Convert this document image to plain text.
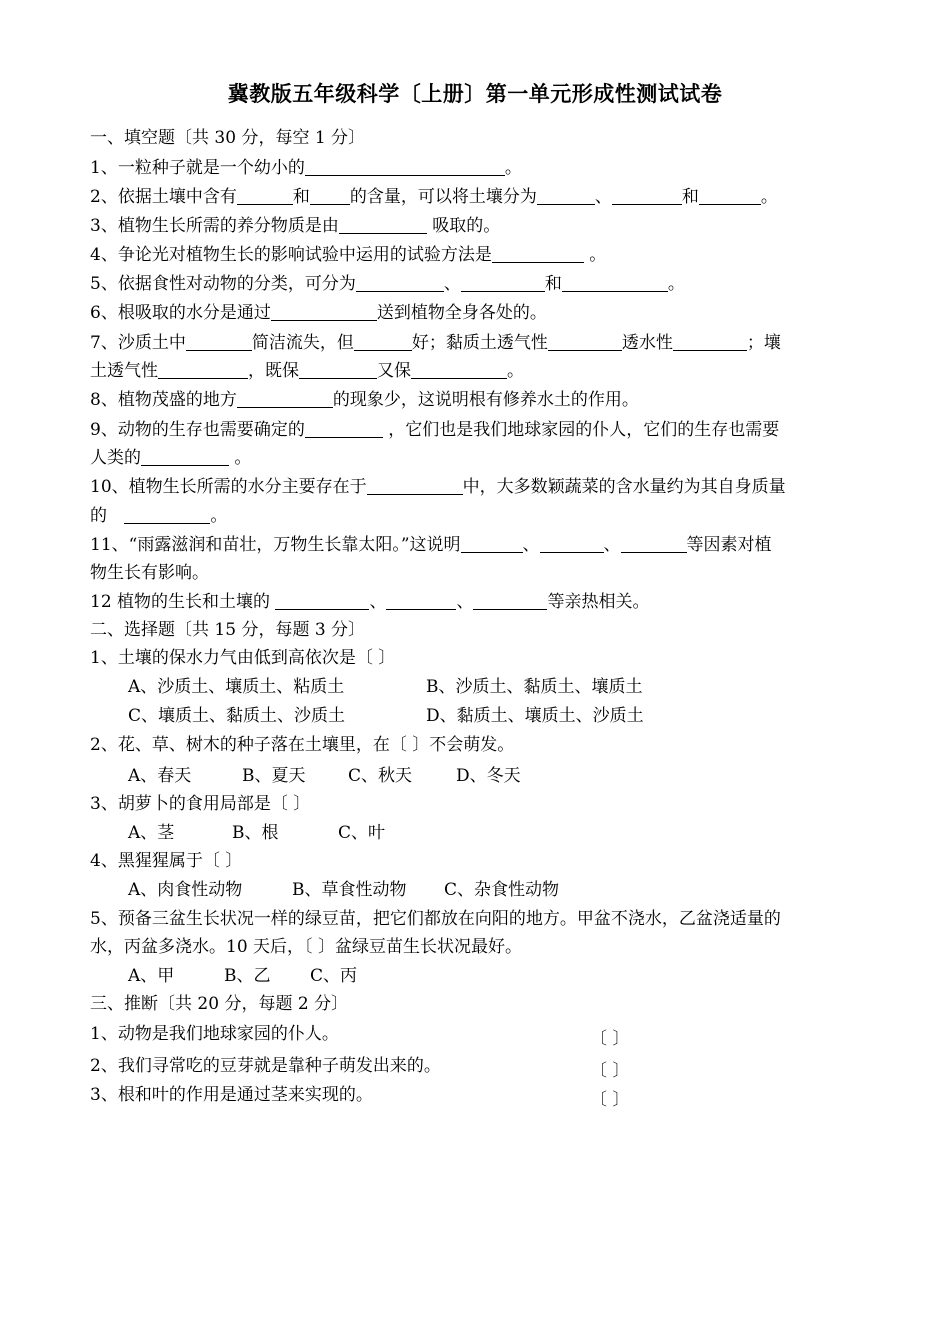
冀教版五年级科学〔上册〕第一单元形成性测试试卷
一、填空题〔共 30 分，每空 1 分〕
1、一粒种子就是一个幼小的	。
2、依据土壤中含有	和 的含量，可以将土壤分为	、	和	。
3、植物生长所需的养分物质是由	吸取的。
4、争论光对植物生长的影响试验中运用的试验方法是	。
5、依据食性对动物的分类，可分为	、	和	。
6、根吸取的水分是通过	送到植物全身各处的。
7、沙质土中	简洁流失，但	好；黏质土透气性	透水性	；壤
土透气性	，既保	又保	。
8、植物茂盛的地方	的现象少，这说明根有修养水土的作用。
9、动物的生存也需要确定的	，它们也是我们地球家园的仆人，它们的生存也需要
人类的	。
10、植物生长所需的水分主要存在于	中，大多数颖蔬菜的含水量约为其自身质量
的	。
11、“雨露滋润和苗壮，万物生长靠太阳。”这说明	、	、	等因素对植
物生长有影响。
12 植物的生长和土壤的	、	、	等亲热相关。
二、选择题〔共 15 分，每题 3 分〕
1、土壤的保水力气由低到高依次是〔 〕
A、沙质土、壤质土、粘质土	B、沙质土、黏质土、壤质土
C、壤质土、黏质土、沙质土	D、黏质土、壤质土、沙质土
2、花、草、树木的种子落在土壤里，在〔 〕不会萌发。
A、春天	B、夏天	C、秋天	D、冬天
3、胡萝卜的食用局部是〔 〕
A、茎	B、根	C、叶
4、黑猩猩属于〔 〕
A、肉食性动物	B、草食性动物 C、杂食性动物
5、预备三盆生长状况一样的绿豆苗，把它们都放在向阳的地方。甲盆不浇水，乙盆浇适量的
水，丙盆多浇水。10 天后，〔 〕盆绿豆苗生长状况最好。
A、甲	B、乙 C、丙
三、推断〔共 20 分，每题 2 分〕
1、动物是我们地球家园的仆人。	〔 〕
2、我们寻常吃的豆芽就是靠种子萌发出来的。	〔 〕
3、根和叶的作用是通过茎来实现的。	〔 〕
